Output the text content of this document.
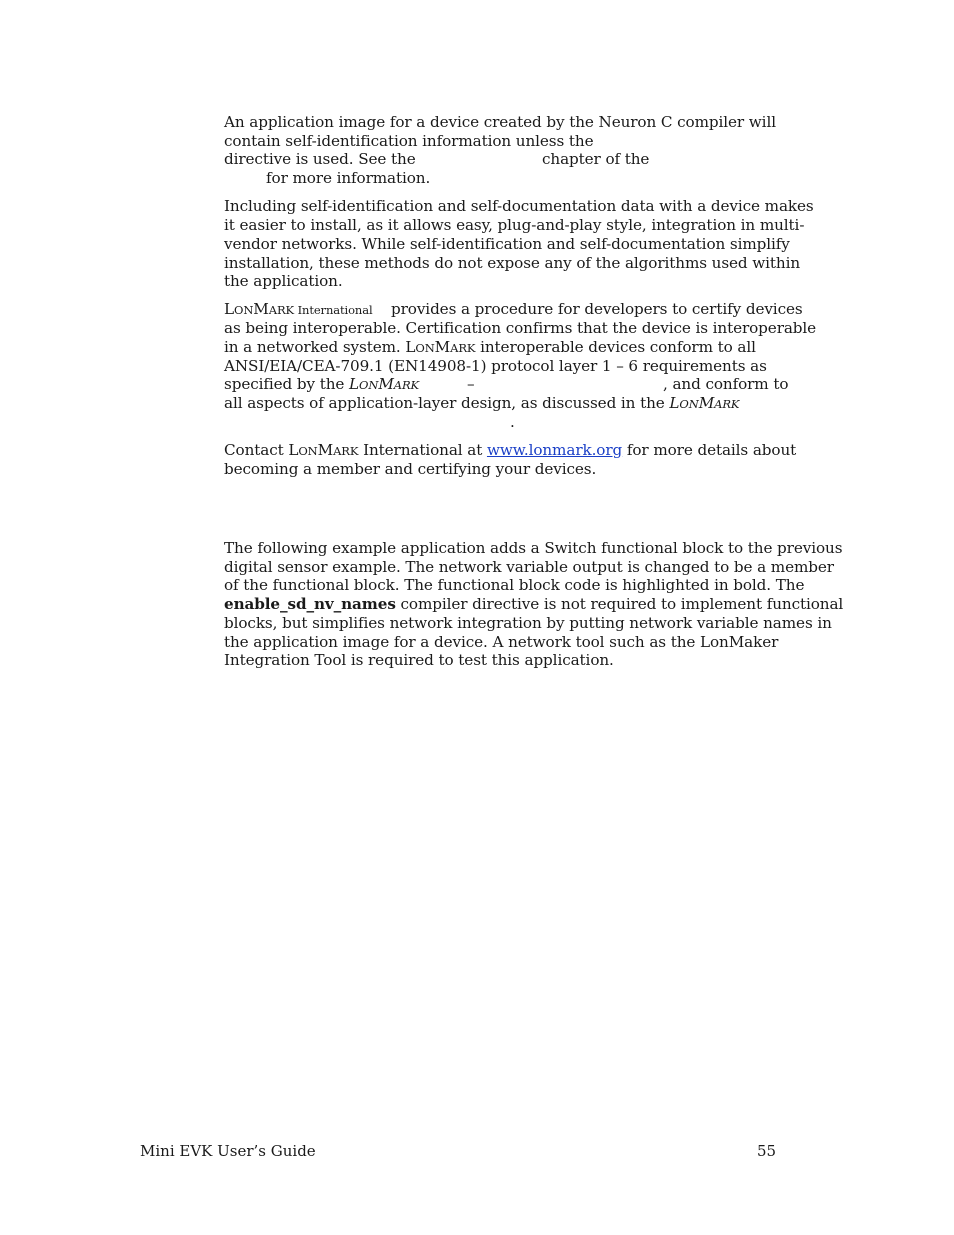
An application image for a device created by the Neuron C compiler will
contain self-identification information unless the
directive is used. See the	chapter of the
for more information.
Including self-identification and self-documentation data with a device makes
it easier to install, as it allows easy, plug-and-play style, integration in multi-
vendor networks. While self-identification and self-documentation simplify
installation, these methods do not expose any of the algorithms used within
the application.
LONMARK International provides a procedure for developers to certify devices
as being interoperable. Certification confirms that the device is interoperable
in a networked system. LONMARK interoperable devices conform to all
ANSI/EIA/CEA-709.1 (EN14908-1) protocol layer 1 – 6 requirements as
specified by the LONMARK	–	, and conform to
all aspects of application-layer design, as discussed in the LONMARK
.
Contact LONMARK International at www.lonmark.org for more details about
becoming a member and certifying your devices.
The following example application adds a Switch functional block to the previous
digital sensor example. The network variable output is changed to be a member
of the functional block. The functional block code is highlighted in bold. The
enable_sd_nv_names compiler directive is not required to implement functional
blocks, but simplifies network integration by putting network variable names in
the application image for a device. A network tool such as the LonMaker
Integration Tool is required to test this application.
Mini EVK User’s Guide	55
